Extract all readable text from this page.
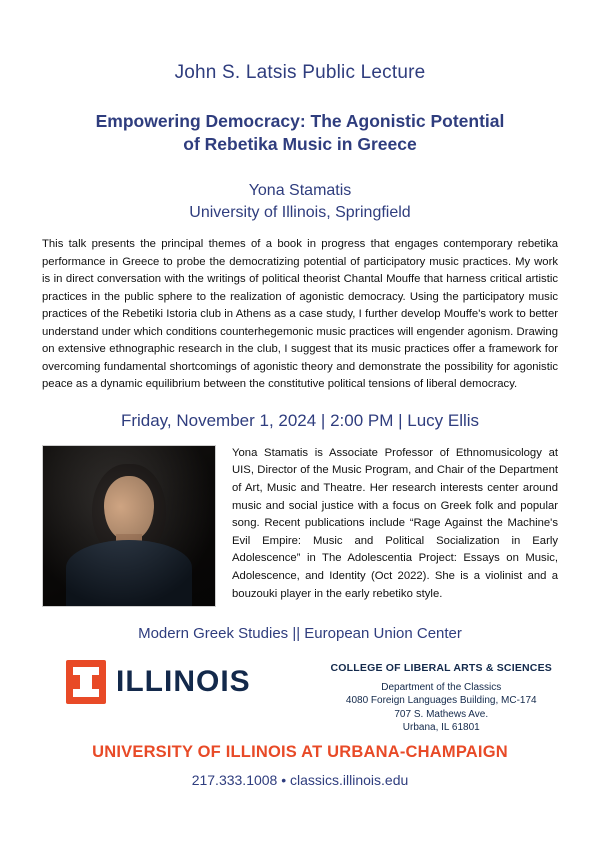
John S. Latsis Public Lecture
Empowering Democracy: The Agonistic Potential
of Rebetika Music in Greece
Yona Stamatis
University of Illinois, Springfield
This talk presents the principal themes of a book in progress that engages contemporary rebetika performance in Greece to probe the democratizing potential of participatory music practices. My work is in direct conversation with the writings of political theorist Chantal Mouffe that harness critical artistic practices in the public sphere to the realization of agonistic democracy. Using the participatory music practices of the Rebetiki Istoria club in Athens as a case study, I further develop Mouffe's work to better understand under which conditions counterhegemonic music practices will engender agonism. Drawing on extensive ethnographic research in the club, I suggest that its music practices offer a framework for overcoming fundamental shortcomings of agonistic theory and demonstrate the possibility for agonistic peace as a dynamic equilibrium between the constitutive political tensions of liberal democracy.
Friday, November 1, 2024 | 2:00 PM | Lucy Ellis
Yona Stamatis is Associate Professor of Ethnomusicology at UIS, Director of the Music Program, and Chair of the Department of Art, Music and Theatre. Her research interests center around music and social justice with a focus on Greek folk and popular song. Recent publications include “Rage Against the Machine's Evil Empire: Music and Political Socialization in Early Adolescence” in The Adolescentia Project: Essays on Music, Adolescence, and Identity (Oct 2022). She is a violinist and a bouzouki player in the early rebetiko style.
Modern Greek Studies || European Union Center
ILLINOIS	COLLEGE OF LIBERAL ARTS & SCIENCES
Department of the Classics
4080 Foreign Languages Building, MC-174
707 S. Mathews Ave.
Urbana, IL 61801
UNIVERSITY OF ILLINOIS AT URBANA-CHAMPAIGN
217.333.1008 • classics.illinois.edu
